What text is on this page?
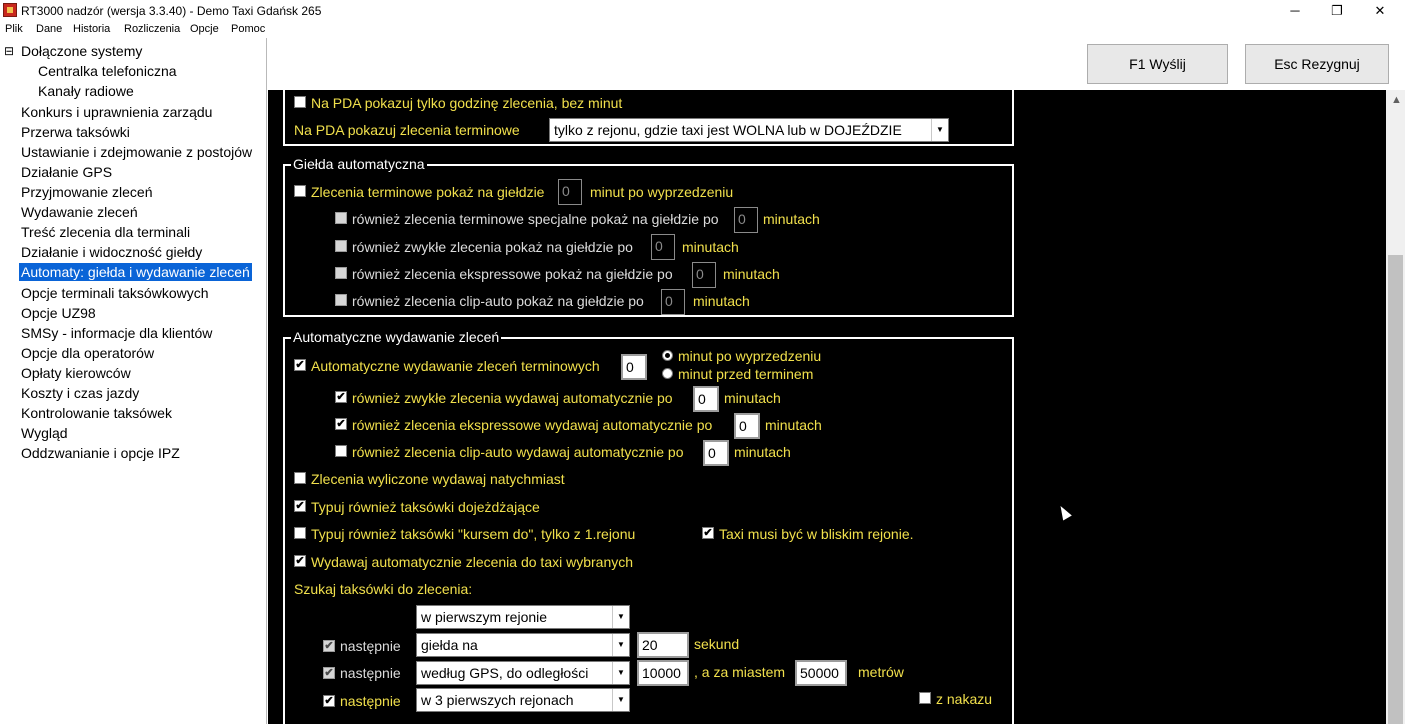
RT3000 nadzór (wersja 3.3.40) - Demo Taxi Gdańsk 265	─	❐	✕
Plik Dane Historia Rozliczenia Opcje Pomoc
⊟ Dołączone systemy
Centralka telefoniczna
Kanały radiowe
Konkurs i uprawnienia zarządu
Przerwa taksówki
Ustawianie i zdejmowanie z postojów
Działanie GPS
Przyjmowanie zleceń
Wydawanie zleceń
Treść zlecenia dla terminali
Działanie i widoczność giełdy
Automaty: giełda i wydawanie zleceń
Opcje terminali taksówkowych
Opcje UZ98
SMSy - informacje dla klientów
Opcje dla operatorów
Opłaty kierowców
Koszty i czas jazdy
Kontrolowanie taksówek
Wygląd
Oddzwanianie i opcje IPZ
F1 Wyślij	Esc Rezygnuj
Na PDA pokazuj tylko godzinę zlecenia, bez minut
Na PDA pokazuj zlecenia terminowe	tylko z rejonu, gdzie taxi jest WOLNA lub w DOJEŹDZIE	▼
Giełda automatyczna
Zlecenia terminowe pokaż na giełdzie 0	minut po wyprzedzeniu
również zlecenia terminowe specjalne pokaż na giełdzie po 0	minutach
również zwykłe zlecenia pokaż na giełdzie po 0	minutach
również zlecenia ekspressowe pokaż na giełdzie po 0	minutach
również zlecenia clip-auto pokaż na giełdzie po 0	minutach
Automatyczne wydawanie zleceń
✔ Automatyczne wydawanie zleceń terminowych	0
minut po wyprzedzeniu
minut przed terminem
✔ również zwykłe zlecenia wydawaj automatycznie po	0	minutach
✔ również zlecenia ekspressowe wydawaj automatycznie po	0	minutach
również zlecenia clip-auto wydawaj automatycznie po	0	minutach
Zlecenia wyliczone wydawaj natychmiast
✔ Typuj również taksówki dojeżdżające
Typuj również taksówki "kursem do", tylko z 1.rejonu	✔ Taxi musi być w bliskim rejonie.
✔ Wydawaj automatycznie zlecenia do taxi wybranych
Szukaj taksówki do zlecenia:
w pierwszym rejonie	▼
✔ następnie	giełda na	▼	20	sekund
✔ następnie	według GPS, do odległości	▼	10000 , a za miastem	50000	metrów
✔ następnie	w 3 pierwszych rejonach	▼	z nakazu
▲
